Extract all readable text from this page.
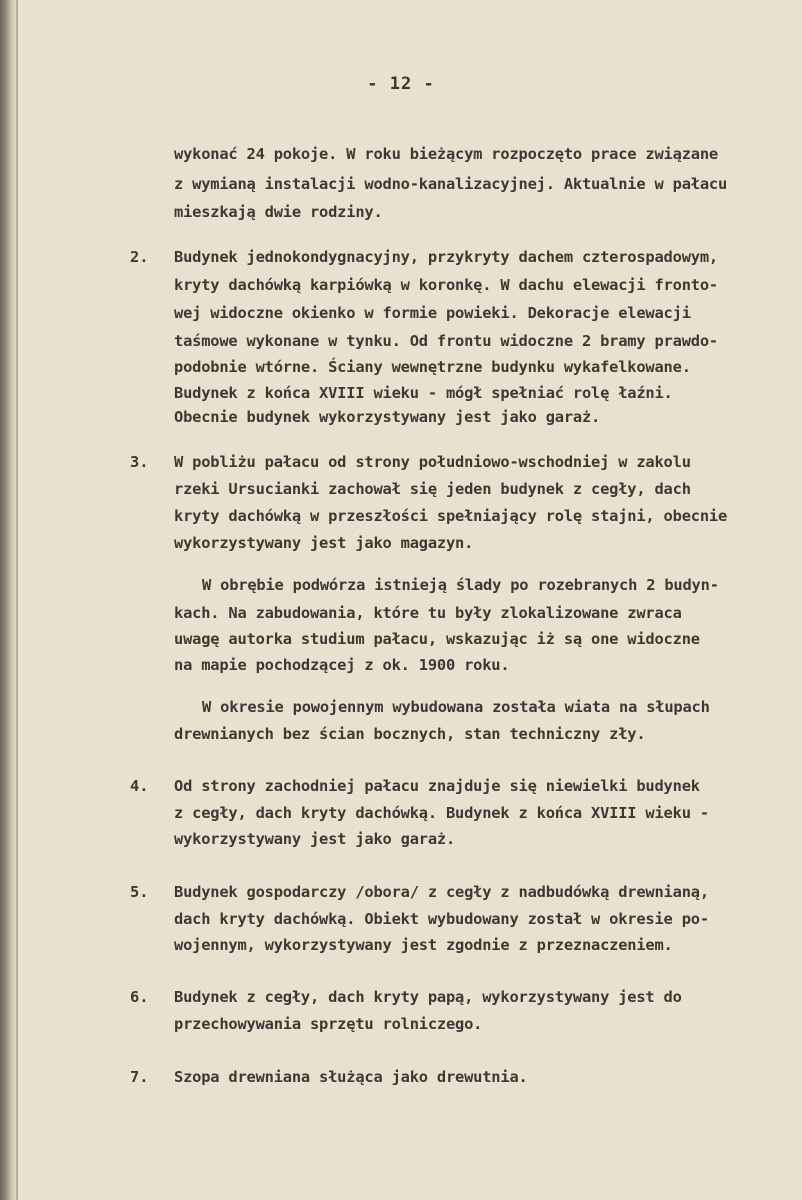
- 12 -
wykonać 24 pokoje. W roku bieżącym rozpoczęto prace związane
z wymianą instalacji wodno-kanalizacyjnej. Aktualnie w pałacu
mieszkają dwie rodziny.
2. Budynek jednokondygnacyjny, przykryty dachem czterospadowym,
kryty dachówką karpiówką w koronkę. W dachu elewacji fronto-
wej widoczne okienko w formie powieki. Dekoracje elewacji
taśmowe wykonane w tynku. Od frontu widoczne 2 bramy prawdo-
podobnie wtórne. Ściany wewnętrzne budynku wykafelkowane.
Budynek z końca XVIII wieku - mógł spełniać rolę łaźni.
Obecnie budynek wykorzystywany jest jako garaż.
3. W pobliżu pałacu od strony południowo-wschodniej w zakolu
rzeki Ursucianki zachował się jeden budynek z cegły, dach
kryty dachówką w przeszłości spełniający rolę stajni, obecnie
wykorzystywany jest jako magazyn.
W obrębie podwórza istnieją ślady po rozebranych 2 budyn-
kach. Na zabudowania, które tu były zlokalizowane zwraca
uwagę autorka studium pałacu, wskazując iż są one widoczne
na mapie pochodzącej z ok. 1900 roku.
W okresie powojennym wybudowana została wiata na słupach
drewnianych bez ścian bocznych, stan techniczny zły.
4. Od strony zachodniej pałacu znajduje się niewielki budynek
z cegły, dach kryty dachówką. Budynek z końca XVIII wieku -
wykorzystywany jest jako garaż.
5. Budynek gospodarczy /obora/ z cegły z nadbudówką drewnianą,
dach kryty dachówką. Obiekt wybudowany został w okresie po-
wojennym, wykorzystywany jest zgodnie z przeznaczeniem.
6. Budynek z cegły, dach kryty papą, wykorzystywany jest do
przechowywania sprzętu rolniczego.
7. Szopa drewniana służąca jako drewutnia.
